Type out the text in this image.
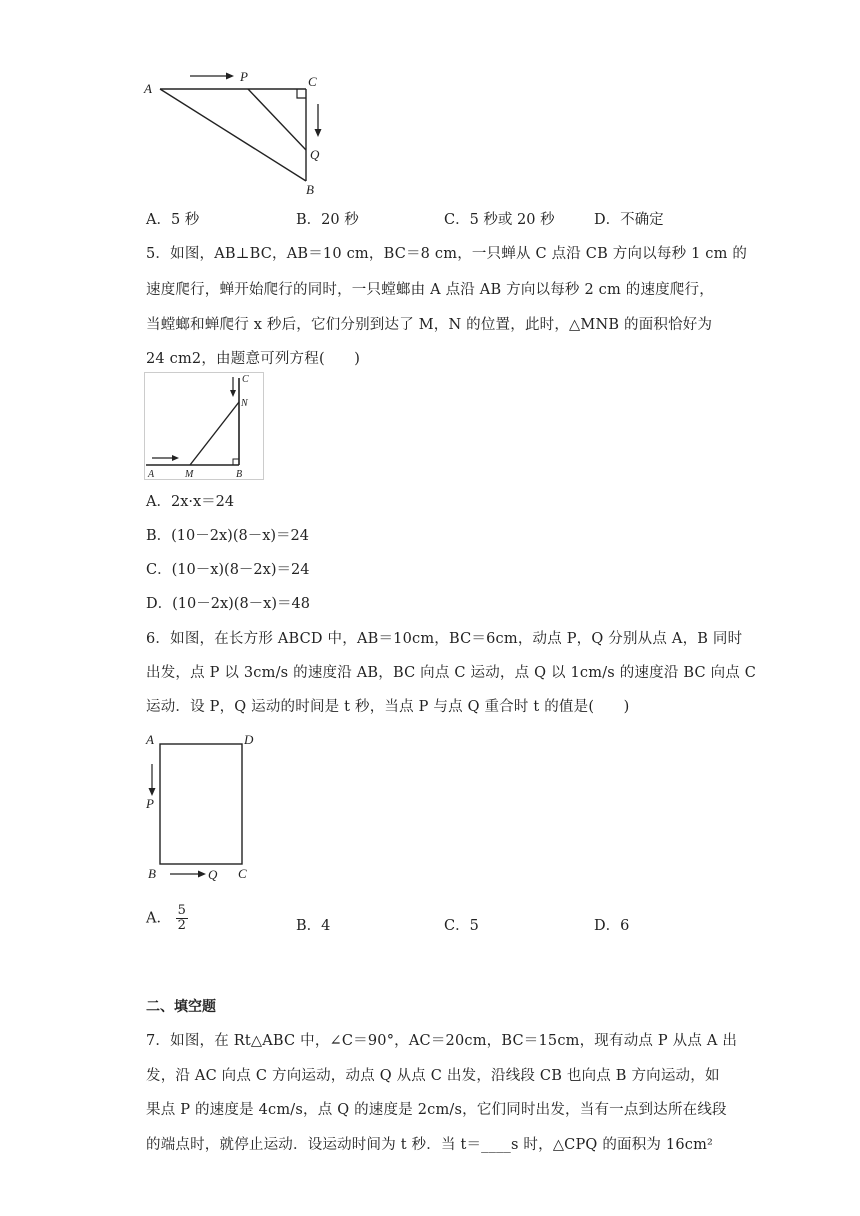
A
P	C
Q
B
A．5 秒	B．20 秒	C．5 秒或 20 秒	D．不确定
5．如图，AB⊥BC，AB＝10 cm，BC＝8 cm，一只蝉从 C 点沿 CB 方向以每秒 1 cm 的
速度爬行，蝉开始爬行的同时，一只螳螂由 A 点沿 AB 方向以每秒 2 cm 的速度爬行，
当螳螂和蝉爬行 x 秒后，它们分别到达了 M，N 的位置，此时，△MNB 的面积恰好为
24 cm2，由题意可列方程(　　)
A	M	B
N
C
A．2x·x＝24
B．(10－2x)(8－x)＝24
C．(10－x)(8－2x)＝24
D．(10－2x)(8－x)＝48
6．如图，在长方形 ABCD 中，AB＝10cm，BC＝6cm，动点 P，Q 分别从点 A，B 同时
出发，点 P 以 3cm/s 的速度沿 AB，BC 向点 C 运动，点 Q 以 1cm/s 的速度沿 BC 向点 C
运动．设 P，Q 运动的时间是 t 秒，当点 P 与点 Q 重合时 t 的值是(　　)
A	D
P
B	Q C
A． $\frac{5}{2}$	B．4	C．5	D．6
二、填空题
7．如图，在 Rt△ABC 中，∠C＝90°，AC＝20cm，BC＝15cm，现有动点 P 从点 A 出
发，沿 AC 向点 C 方向运动，动点 Q 从点 C 出发，沿线段 CB 也向点 B 方向运动，如
果点 P 的速度是 4cm/s，点 Q 的速度是 2cm/s，它们同时出发，当有一点到达所在线段
的端点时，就停止运动．设运动时间为 t 秒．当 t＝____s 时，△CPQ 的面积为 16cm²
